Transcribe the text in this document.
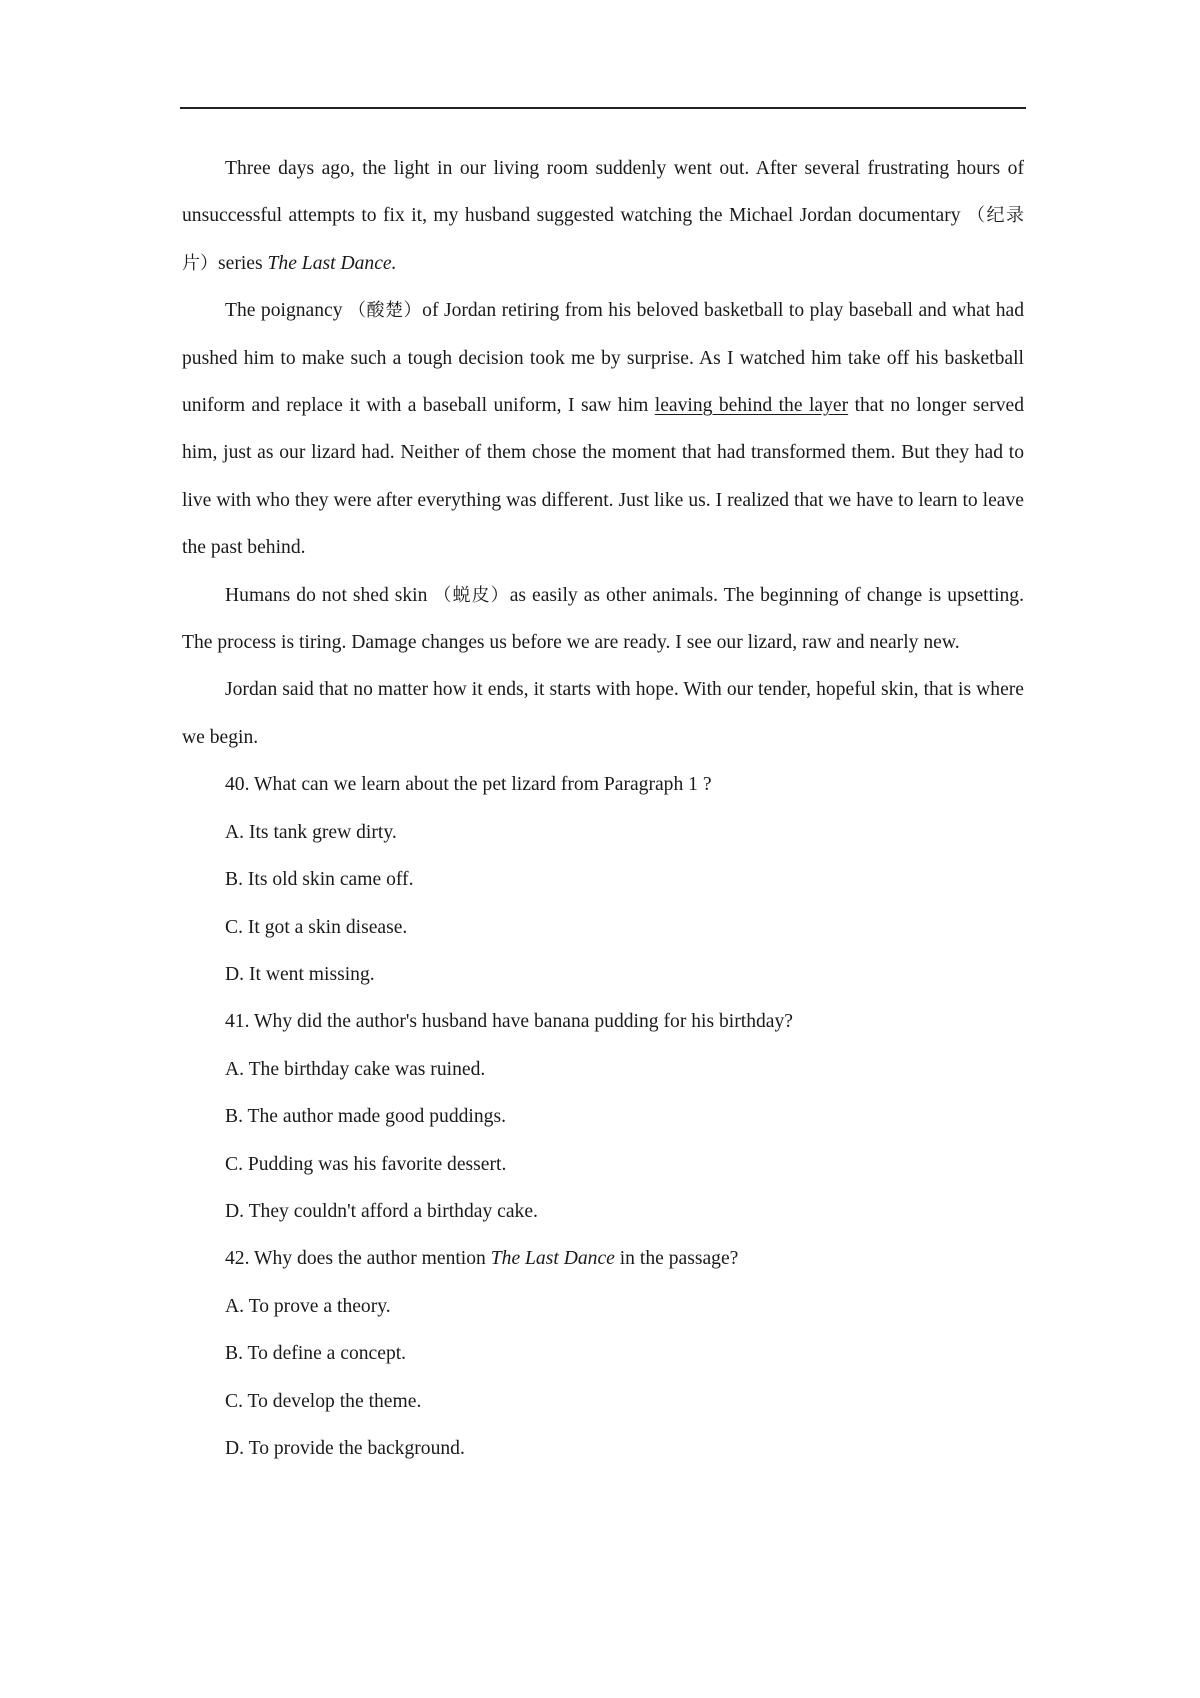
Three days ago, the light in our living room suddenly went out. After several frustrating hours of unsuccessful attempts to fix it, my husband suggested watching the Michael Jordan documentary （纪录片）series The Last Dance.

The poignancy （酸楚）of Jordan retiring from his beloved basketball to play baseball and what had pushed him to make such a tough decision took me by surprise. As I watched him take off his basketball uniform and replace it with a baseball uniform, I saw him leaving behind the layer that no longer served him, just as our lizard had. Neither of them chose the moment that had transformed them. But they had to live with who they were after everything was different. Just like us. I realized that we have to learn to leave the past behind.

Humans do not shed skin （蜕皮）as easily as other animals. The beginning of change is upsetting. The process is tiring. Damage changes us before we are ready. I see our lizard, raw and nearly new.

Jordan said that no matter how it ends, it starts with hope. With our tender, hopeful skin, that is where we begin.

40. What can we learn about the pet lizard from Paragraph 1 ?

A. Its tank grew dirty.

B. Its old skin came off.

C. It got a skin disease.

D. It went missing.

41. Why did the author's husband have banana pudding for his birthday?

A. The birthday cake was ruined.

B. The author made good puddings.

C. Pudding was his favorite dessert.

D. They couldn't afford a birthday cake.

42. Why does the author mention The Last Dance in the passage?

A. To prove a theory.

B. To define a concept.

C. To develop the theme.

D. To provide the background.
